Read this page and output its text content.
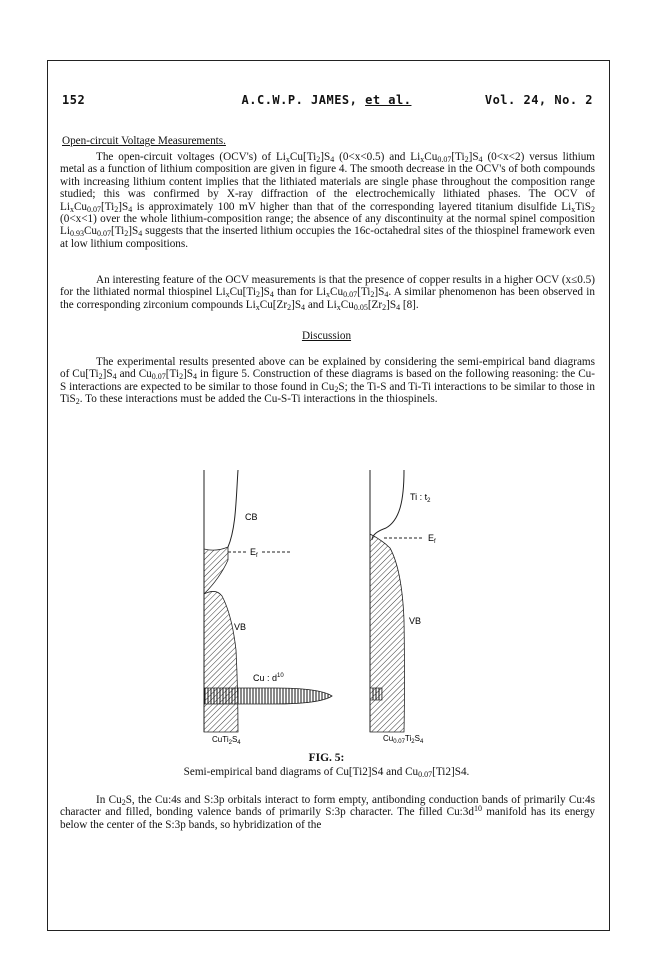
152	A.C.W.P. JAMES, et al.	Vol. 24, No. 2
Open-circuit Voltage Measurements.

The open-circuit voltages (OCV's) of $Li_xCu[Ti_2]S_4$ (0<x<0.5) and $Li_xCu_{0.07}[Ti_2]S_4$ (0<x<2) versus lithium metal as a function of lithium composition are given in figure 4. The smooth decrease in the OCV's of both compounds with increasing lithium content implies that the lithiated materials are single phase throughout the composition range studied; this was confirmed by X-ray diffraction of the electrochemically lithiated phases. The OCV of $Li_xCu_{0.07}[Ti_2]S_4$ is approximately 100 mV higher than that of the corresponding layered titanium disulfide $Li_xTiS_2$ (0<x<1) over the whole lithium-composition range; the absence of any discontinuity at the normal spinel composition $Li_{0.93}Cu_{0.07}[Ti_2]S_4$ suggests that the inserted lithium occupies the 16c-octahedral sites of the thiospinel framework even at low lithium compositions.

An interesting feature of the OCV measurements is that the presence of copper results in a higher OCV (x≤0.5) for the lithiated normal thiospinel $Li_xCu[Ti_2]S_4$ than for $Li_xCu_{0.07}[Ti_2]S_4$. A similar phenomenon has been observed in the corresponding zirconium compounds $Li_xCu[Zr_2]S_4$ and $Li_xCu_{0.05}[Zr_2]S_4$ [8].

Discussion

The experimental results presented above can be explained by considering the semi-empirical band diagrams of $Cu[Ti_2]S_4$ and $Cu_{0.07}[Ti_2]S_4$ in figure 5. Construction of these diagrams is based on the following reasoning: the Cu-S interactions are expected to be similar to those found in $Cu_2S$; the Ti-S and Ti-Ti interactions to be similar to those in TiS$_2$. To these interactions must be added the Cu-S-Ti interactions in the thiospinels.

CB
$E_f$
VB
Cu : $d^{10}$
$CuTi_2S_4$
Ti : $t_2$
$E_f$
VB
$Cu_{0.07}Ti_2S_4$
FIG. 5:
Semi-empirical band diagrams of Cu[Ti2]S4 and $Cu_{0.07}[Ti2]S4$.

In $Cu_2S$, the Cu:4s and S:3p orbitals interact to form empty, antibonding conduction bands of primarily Cu:4s character and filled, bonding valence bands of primarily S:3p character. The filled $Cu:3d^{10}$ manifold has its energy below the center of the S:3p bands, so hybridization of the
